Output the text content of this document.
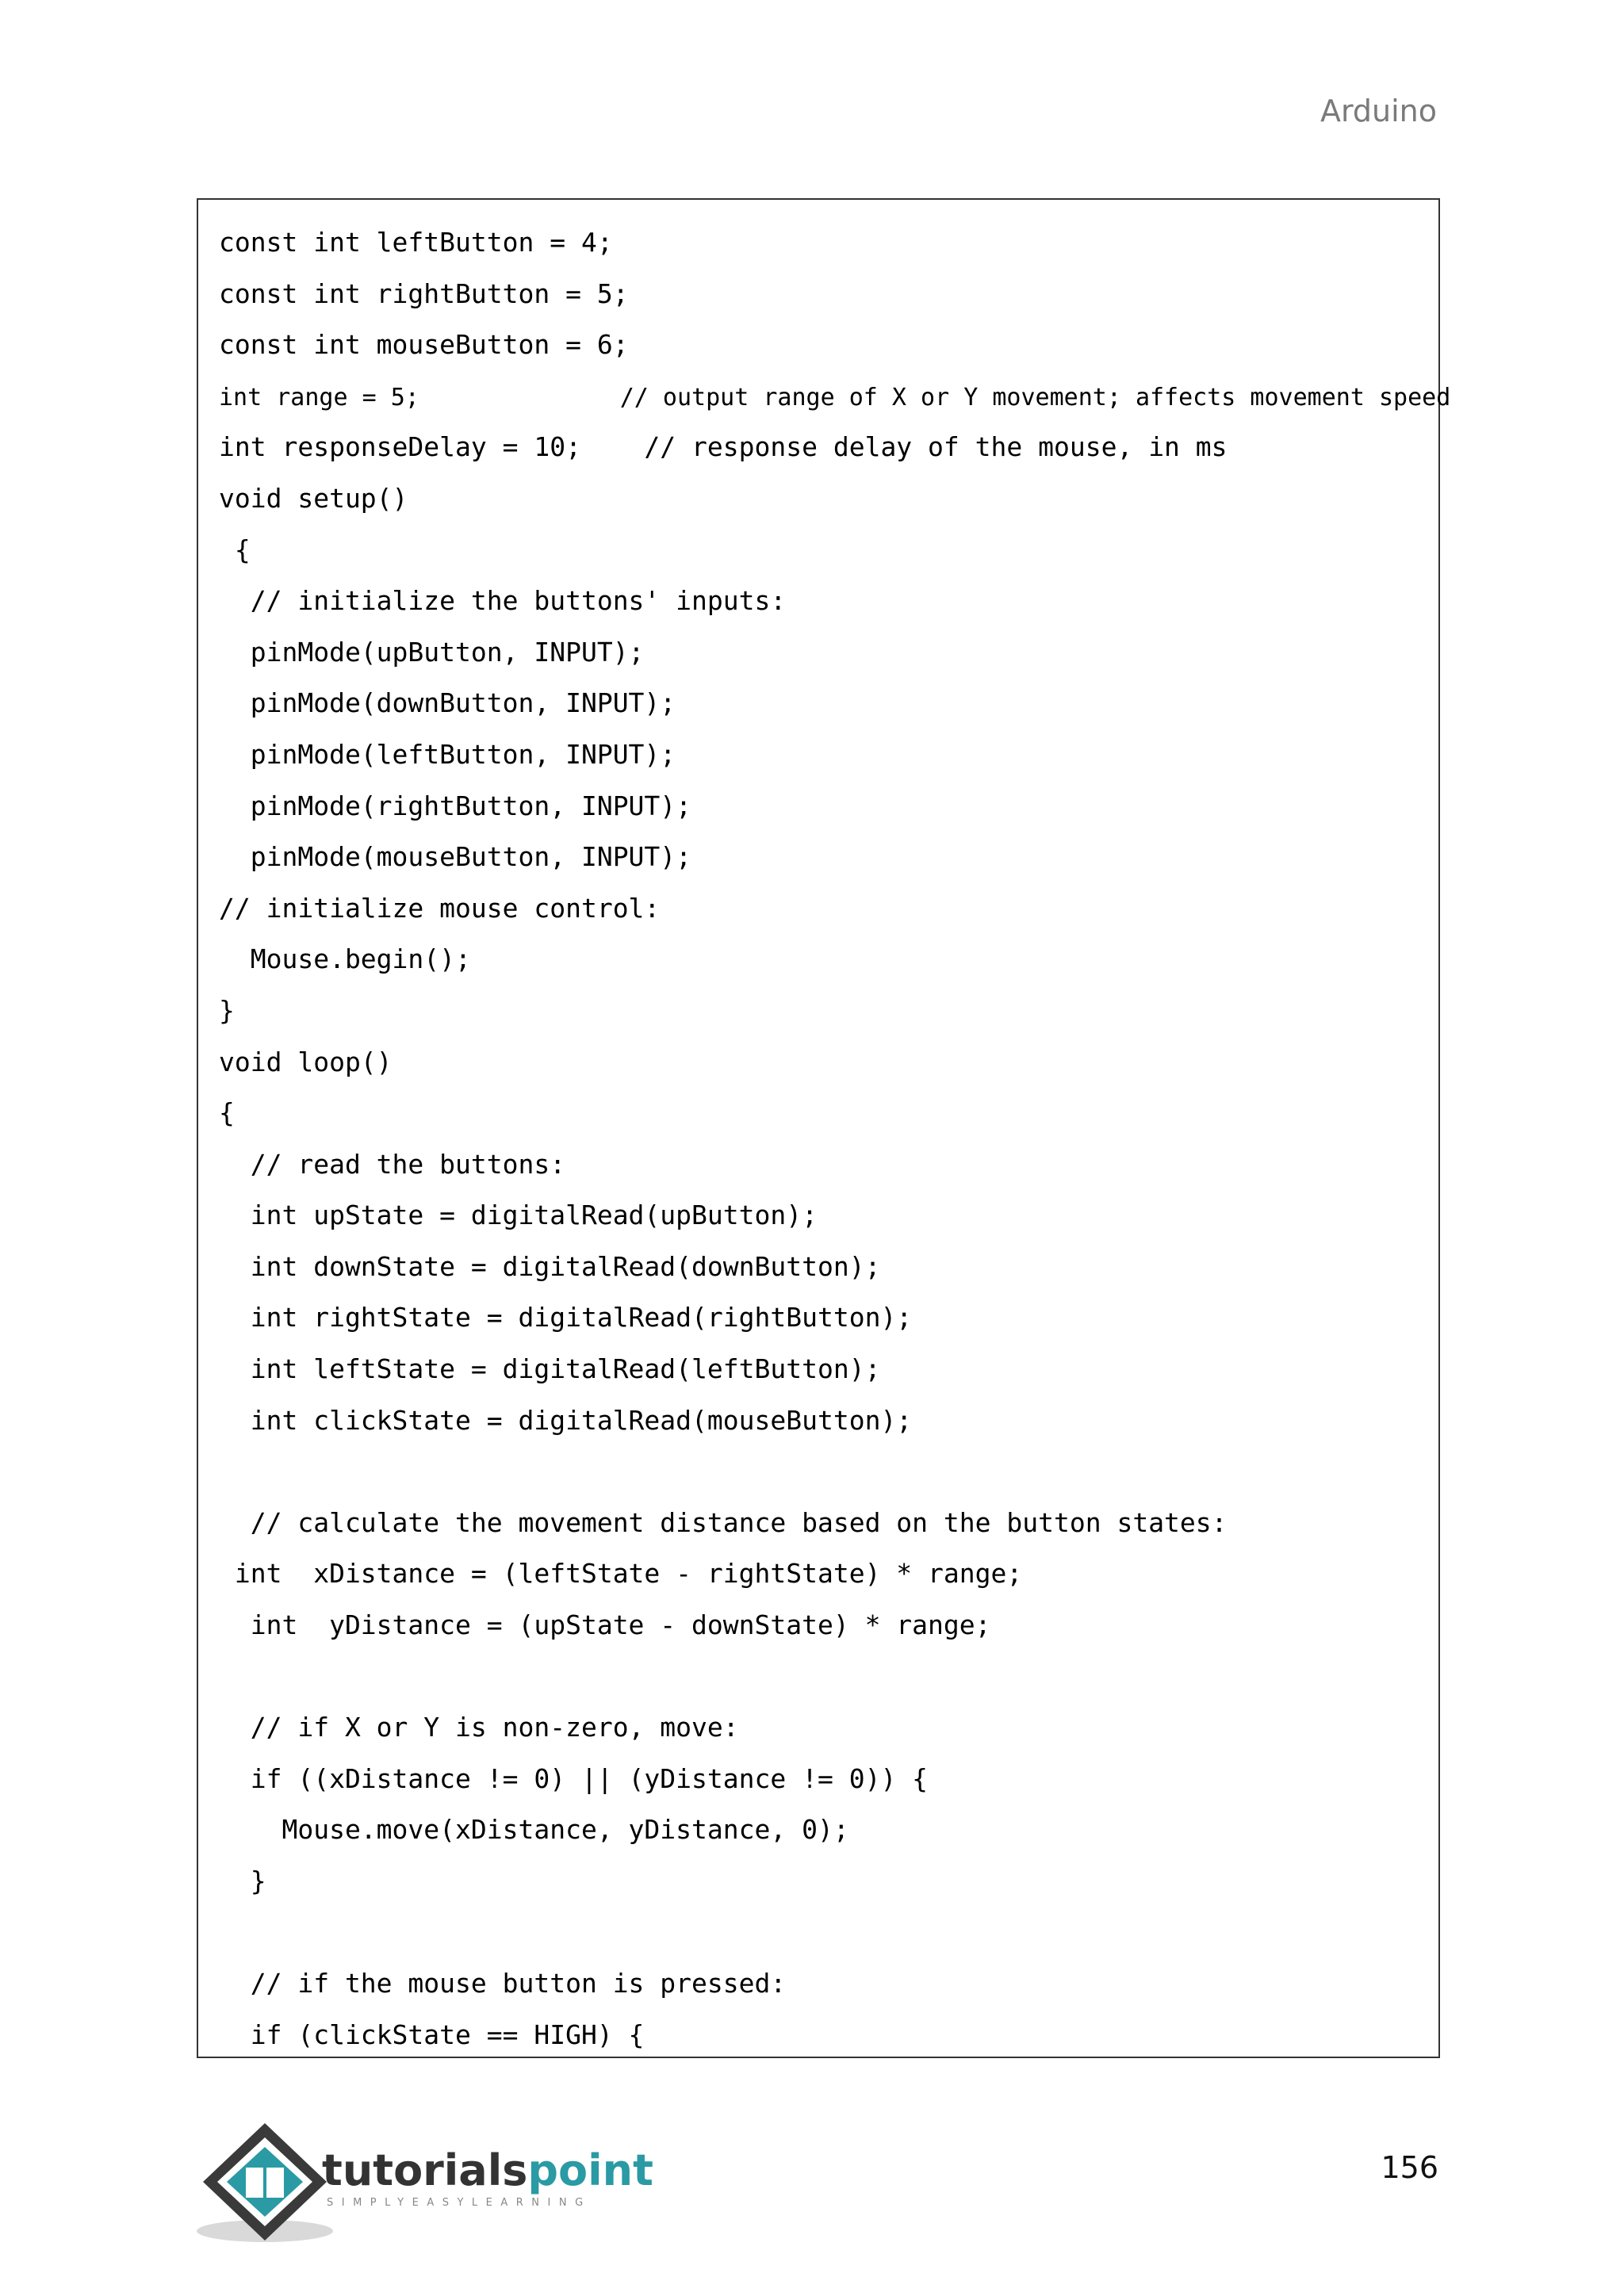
Arduino
const int leftButton = 4;
const int rightButton = 5;
const int mouseButton = 6;
int range = 5;              // output range of X or Y movement; affects movement speed
int responseDelay = 10;    // response delay of the mouse, in ms
void setup()
{
// initialize the buttons' inputs:
pinMode(upButton, INPUT);
pinMode(downButton, INPUT);
pinMode(leftButton, INPUT);
pinMode(rightButton, INPUT);
pinMode(mouseButton, INPUT);
// initialize mouse control:
Mouse.begin();
}
void loop()
{
// read the buttons:
int upState = digitalRead(upButton);
int downState = digitalRead(downButton);
int rightState = digitalRead(rightButton);
int leftState = digitalRead(leftButton);
int clickState = digitalRead(mouseButton);
// calculate the movement distance based on the button states:
int  xDistance = (leftState - rightState) * range;
int  yDistance = (upState - downState) * range;
// if X or Y is non-zero, move:
if ((xDistance != 0) || (yDistance != 0)) {
Mouse.move(xDistance, yDistance, 0);
}
// if the mouse button is pressed:
if (clickState == HIGH) {
tutorialspoint
SIMPLYEASYLEARNING
156
